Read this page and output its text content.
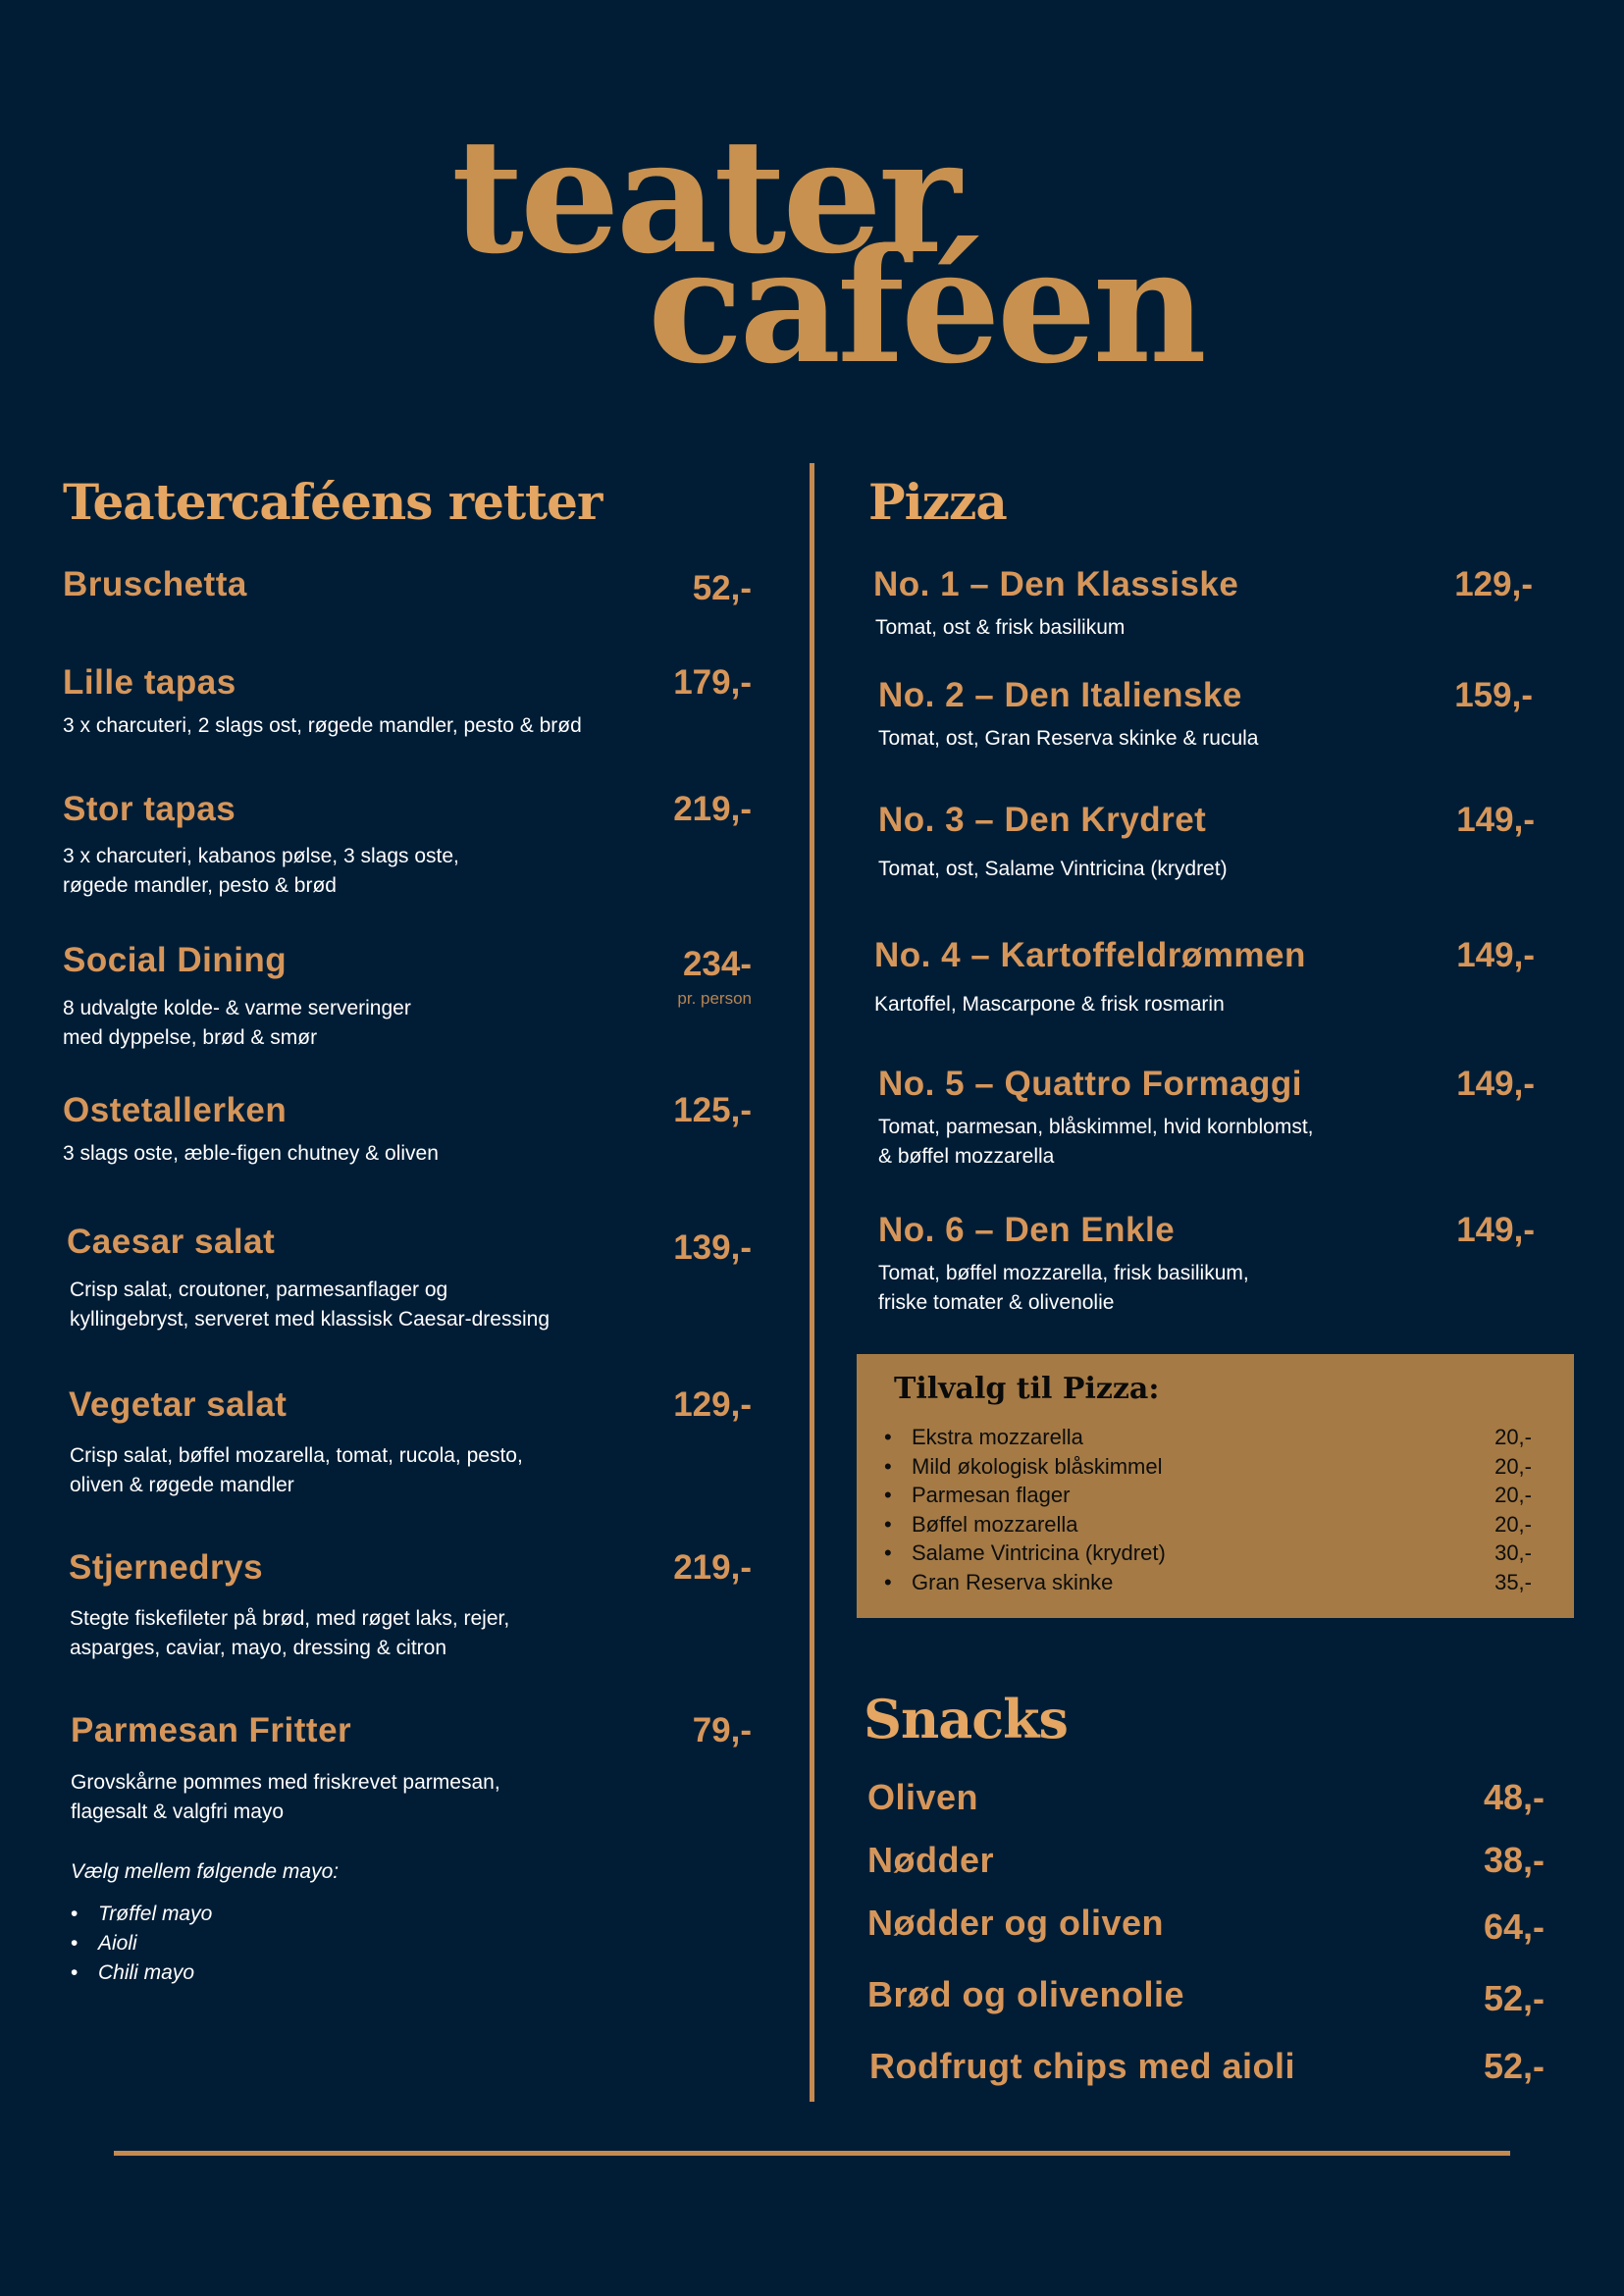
teater
caféen
Teatercaféens retter	Pizza
Snacks
Bruschetta	52,-
Lille tapas	179,-
3 x charcuteri, 2 slags ost, røgede mandler, pesto & brød
Stor tapas	219,-
3 x charcuteri, kabanos pølse, 3 slags oste,
røgede mandler, pesto & brød
Social Dining	234-
pr. person
8 udvalgte kolde- & varme serveringer
med dyppelse, brød & smør
Ostetallerken	125,-
3 slags oste, æble-figen chutney & oliven
Caesar salat	139,-
Crisp salat, croutoner, parmesanflager og
kyllingebryst, serveret med klassisk Caesar-dressing
Vegetar salat	129,-
Crisp salat, bøffel mozarella, tomat, rucola, pesto,
oliven & røgede mandler
Stjernedrys	219,-
Stegte fiskefileter på brød, med røget laks, rejer,
asparges, caviar, mayo, dressing & citron
Parmesan Fritter	79,-
Grovskårne pommes med friskrevet parmesan,
flagesalt & valgfri mayo
Vælg mellem følgende mayo:
• Trøffel mayo
• Aioli
• Chili mayo
No. 1 – Den Klassiske	129,-
Tomat, ost & frisk basilikum
No. 2 – Den Italienske	159,-
Tomat, ost, Gran Reserva skinke & rucula
No. 3 – Den Krydret	149,-
Tomat, ost, Salame Vintricina (krydret)
No. 4 – Kartoffeldrømmen	149,-
Kartoffel, Mascarpone & frisk rosmarin
No. 5 – Quattro Formaggi	149,-
Tomat, parmesan, blåskimmel, hvid kornblomst,
& bøffel mozzarella
No. 6 – Den Enkle	149,-
Tomat, bøffel mozzarella, frisk basilikum,
friske tomater & olivenolie
Tilvalg til Pizza:
• Ekstra mozzarella	20,-
• Mild økologisk blåskimmel	20,-
• Parmesan flager	20,-
• Bøffel mozzarella	20,-
• Salame Vintricina (krydret)	30,-
• Gran Reserva skinke	35,-
Oliven	48,-
Nødder	38,-
Nødder og oliven	64,-
Brød og olivenolie	52,-
Rodfrugt chips med aioli	52,-
